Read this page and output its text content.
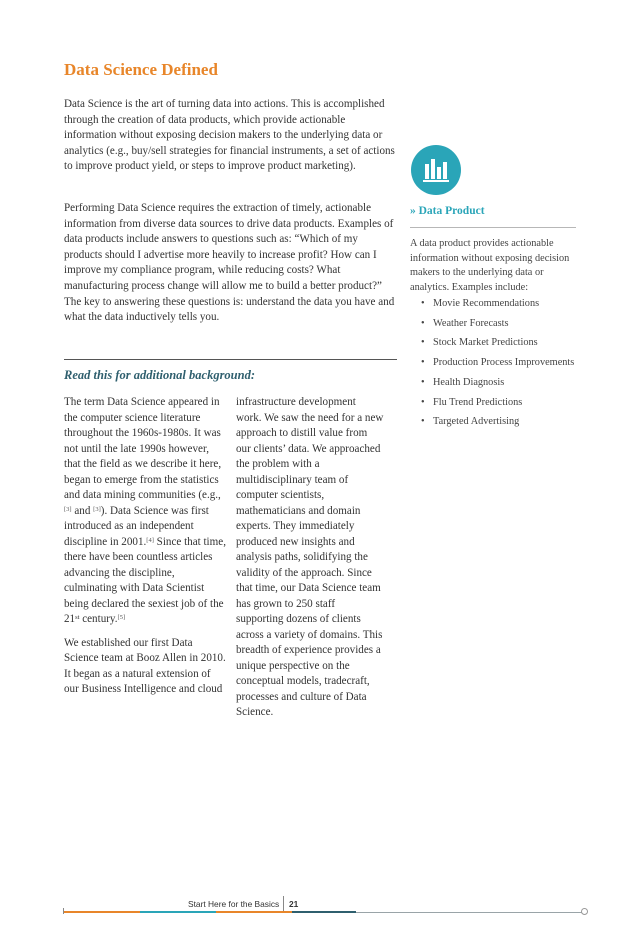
Data Science Defined
Data Science is the art of turning data into actions. This is accomplished through the creation of data products, which provide actionable information without exposing decision makers to the underlying data or analytics (e.g., buy/sell strategies for financial instruments, a set of actions to improve product yield, or steps to improve product marketing).
Performing Data Science requires the extraction of timely, actionable information from diverse data sources to drive data products. Examples of data products include answers to questions such as: “Which of my products should I advertise more heavily to increase profit? How can I improve my compliance program, while reducing costs? What manufacturing process change will allow me to build a better product?” The key to answering these questions is: understand the data you have and what the data inductively tells you.
Read this for additional background:

The term Data Science appeared in the computer science literature throughout the 1960s-1980s. It was not until the late 1990s however, that the field as we describe it here, began to emerge from the statistics and data mining communities (e.g.,[3] and [3]). Data Science was first introduced as an independent discipline in 2001.[4] Since that time, there have been countless articles advancing the discipline, culminating with Data Scientist being declared the sexiest job of the 21st century.[5]

We established our first Data Science team at Booz Allen in 2010. It began as a natural extension of our Business Intelligence and cloud

infrastructure development work. We saw the need for a new approach to distill value from our clients’ data. We approached the problem with a multidisciplinary team of computer scientists, mathematicians and domain experts. They immediately produced new insights and analysis paths, solidifying the validity of the approach. Since that time, our Data Science team has grown to 250 staff supporting dozens of clients across a variety of domains. This breadth of experience provides a unique perspective on the conceptual models, tradecraft, processes and culture of Data Science.

» Data Product
A data product provides actionable information without exposing decision makers to the underlying data or analytics. Examples include:
• Movie Recommendations
• Weather Forecasts
• Stock Market Predictions
• Production Process Improvements
• Health Diagnosis
• Flu Trend Predictions
• Targeted Advertising
Start Here for the Basics 21
